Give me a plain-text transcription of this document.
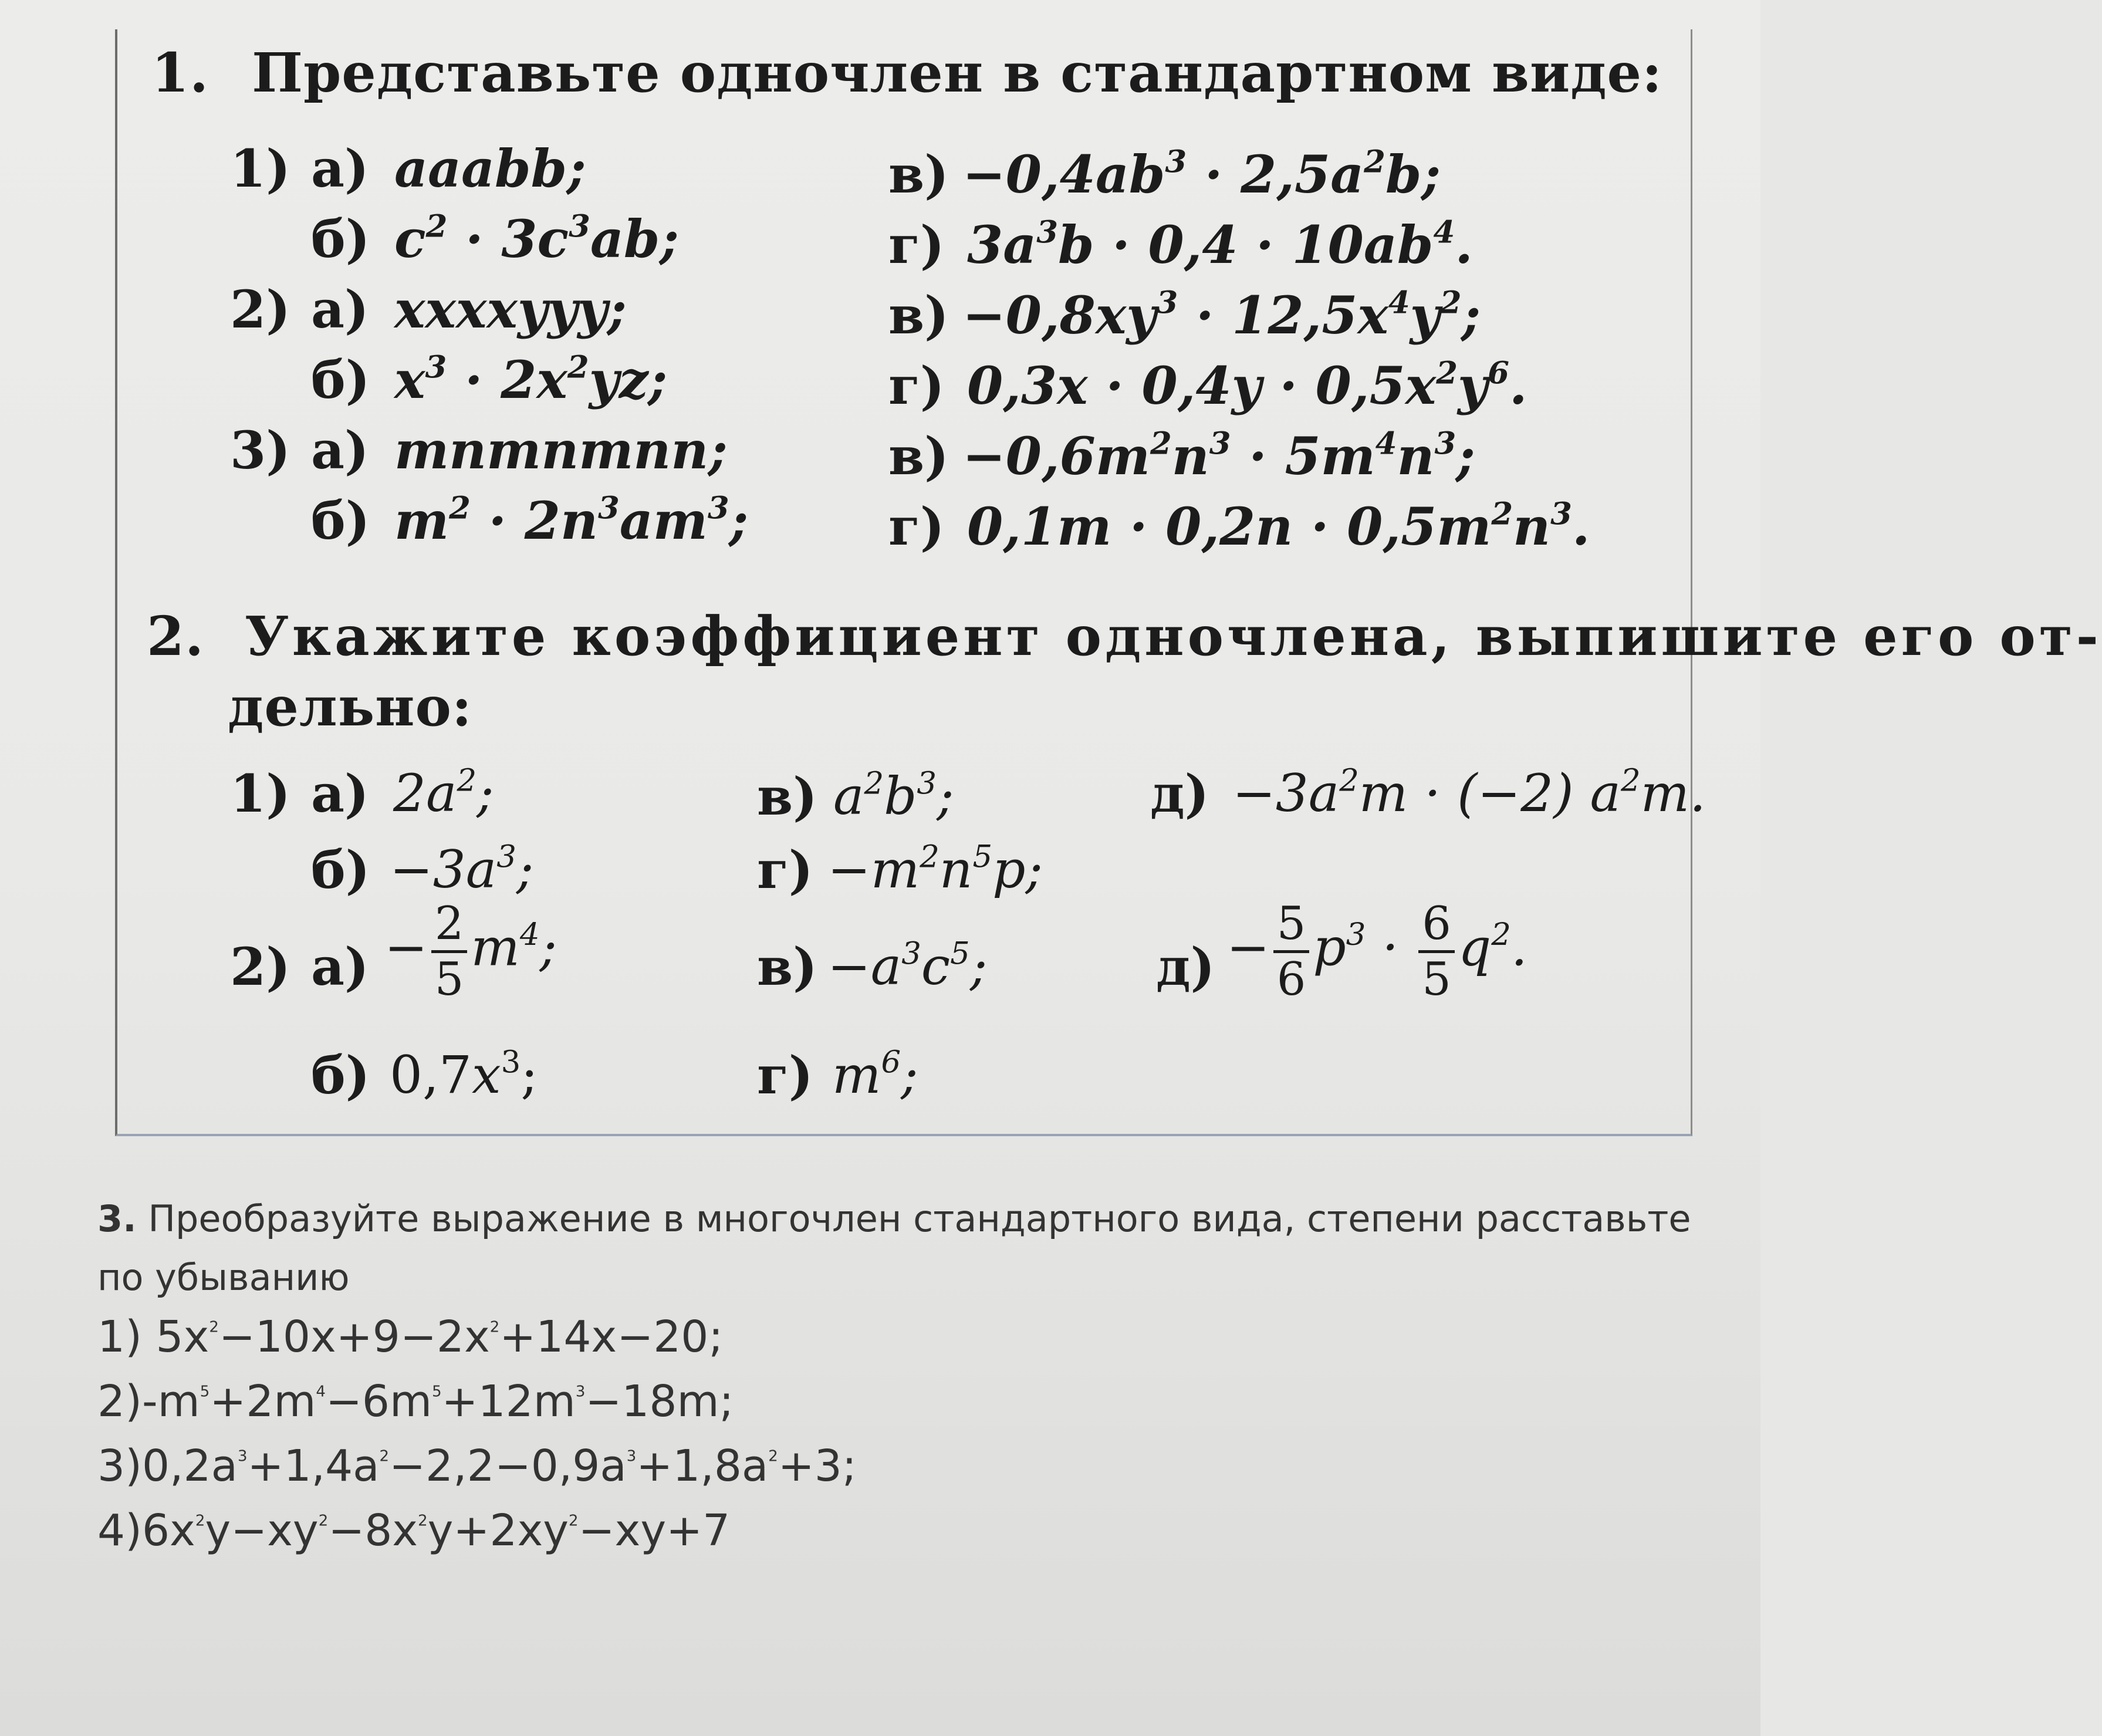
1. Представьте одночлен в стандартном виде:
1) а) aaabb;	$в) -0,4ab^3 \cdot 2,5a^2b$;
б) $c^2 \cdot 3c^3ab$;	г) $3a^3b \cdot 0,4 \cdot 10ab^4$.
2) а) xxxxyyy;	$в) -0,8xy^3 \cdot 12,5x^4y^2$;
б) $x^3 \cdot 2x^2yz$;	г) $0,3x \cdot 0,4y \cdot 0,5x^2y^6$.
3) а) mnmnmnn;	$в) -0,6m^2n^3 \cdot 5m^4n^3$;
б) $m^2 \cdot 2n^3am^3$;	г) $0,1m \cdot 0,2n \cdot 0,5m^2n^3$.
2. Укажите коэффициент одночлена, выпишите его от-
дельно:
1) а) $2a^2$;	в) $a^2b^3$;	$д) -3a^2m \cdot (-2)$ $a^2m$.
$б) -3a^3$;	$г) -m^2n^5p$;
2) $а) - \frac{2}{5} m^4$;	$в) -a^3c^5$;	$д) - \frac{5}{6} p^3 \cdot \frac{6}{5} q^2$.
б) $0,7x^3$;	г) $m^6$;
3. Преобразуйте выражение в многочлен стандартного вида, степени расставьте
по убыванию
1) $5x^2-10x+9-2x^2+14x-20$;
$2)-m^5+2m^4-6m^5+12m^3-18m$;
$3)0,2a^3+1,4a^2-2,2-0,9a^3+1,8a^2+3$;
$4)6x^2y-xy^2-8x^2y+2xy^2-xy+7$
